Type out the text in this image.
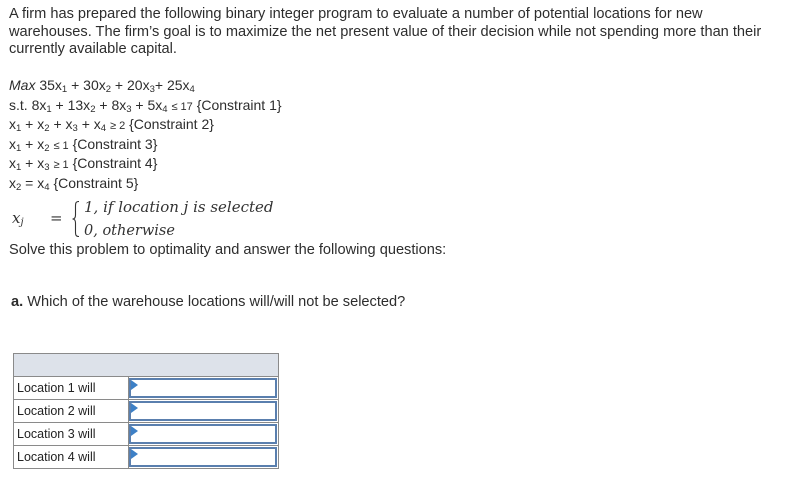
A firm has prepared the following binary integer program to evaluate a number of potential locations for new warehouses. The firm’s goal is to maximize the net present value of their decision while not spending more than their currently available capital.

Max $35x_1 + 30x_2 + 20x_3+ 25x_4$
s.t. $8x_1 + 13x_2 + 8x_3 + 5x_4 \le 17$ {Constraint 1}
$x_1 + x_2 + x_3 + x_4 \ge 2$ {Constraint 2}
$x_1 + x_2 \le 1$ {Constraint 3}
$x_1 + x_3 \ge 1$ {Constraint 4}
$x_2 = x_4$ {Constraint 5}
$x_j$ =
1, if location j is selected
0, otherwise

Solve this problem to optimality and answer the following questions:

a. Which of the warehouse locations will/will not be selected?

Location 1 will	

Location 2 will	

Location 3 will	

Location 4 will	
